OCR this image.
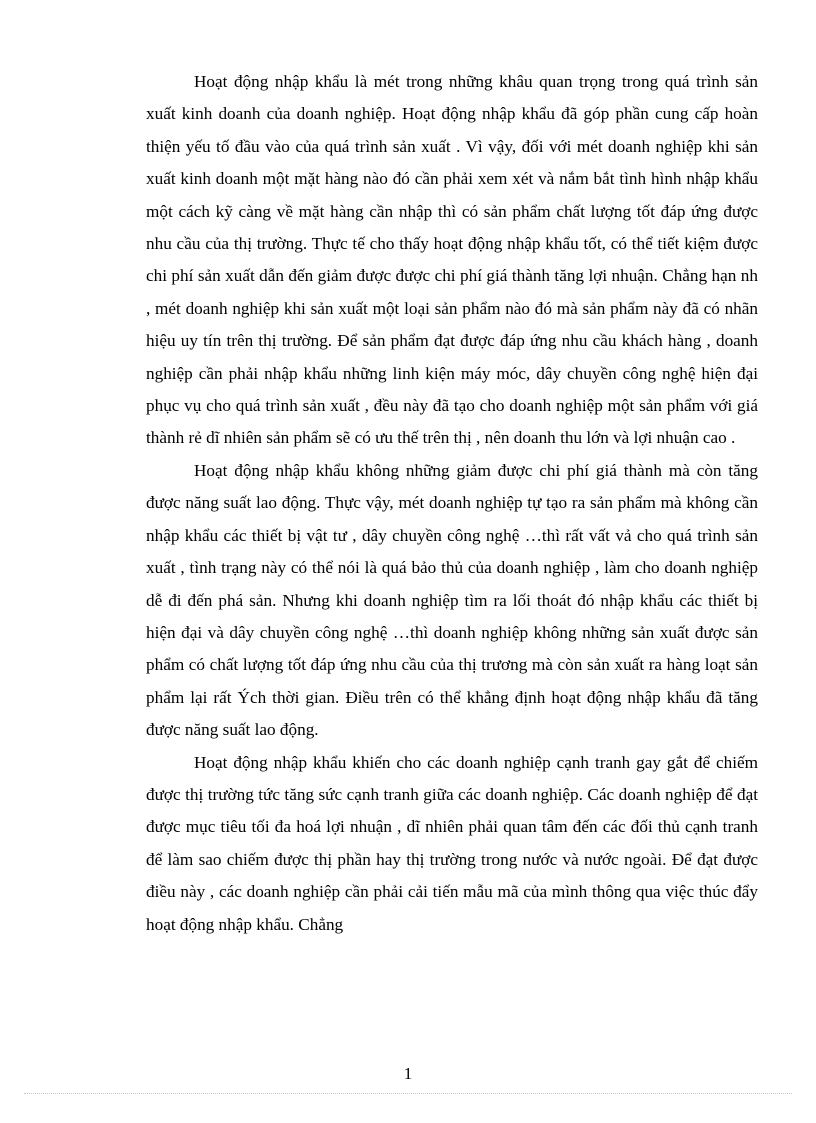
Hoạt động nhập khẩu là mét trong những khâu quan trọng trong quá trình sản xuất kinh doanh của doanh nghiệp. Hoạt động nhập khẩu đã góp phần cung cấp hoàn thiện yếu tố đầu vào của quá trình sản xuất . Vì vậy, đối với mét doanh nghiệp khi sản xuất kinh doanh một mặt hàng nào đó cần phải xem xét và nắm bắt tình hình nhập khẩu một cách kỹ càng về mặt hàng cần nhập thì có sản phẩm chất lượng tốt đáp ứng được nhu cầu của thị trường. Thực tế cho thấy hoạt động nhập khẩu tốt, có thể tiết kiệm được chi phí sản xuất dẫn đến giảm được được chi phí giá thành tăng lợi nhuận. Chẳng hạn nh , mét doanh nghiệp khi sản xuất một loại sản phẩm nào đó mà sản phẩm này đã có nhãn hiệu uy tín trên thị trường. Để sản phẩm đạt được đáp ứng nhu cầu khách hàng , doanh nghiệp cần phải nhập khẩu những linh kiện máy móc, dây chuyền công nghệ hiện đại phục vụ cho quá trình sản xuất , đều này đã tạo cho doanh nghiệp một sản phẩm với giá thành rẻ dĩ nhiên sản phẩm sẽ có ưu thế trên thị , nên doanh thu lớn và lợi nhuận cao .

Hoạt động nhập khẩu không những giảm được chi phí giá thành mà còn tăng được năng suất lao động. Thực vậy, mét doanh nghiệp tự tạo ra sản phẩm mà không cần nhập khẩu các thiết bị vật tư , dây chuyền công nghệ …thì rất vất vả cho quá trình sản xuất , tình trạng này có thể nói là quá bảo thủ của doanh nghiệp , làm cho doanh nghiệp dễ đi đến phá sản. Nhưng khi doanh nghiệp tìm ra lối thoát đó nhập khẩu các thiết bị hiện đại và dây chuyền công nghệ …thì doanh nghiệp không những sản xuất được sản phẩm có chất lượng tốt đáp ứng nhu cầu của thị trương mà còn sản xuất ra hàng loạt sản phẩm lại rất Ých thời gian. Điều trên có thể khẳng định hoạt động nhập khẩu đã tăng được năng suất lao động.

Hoạt động nhập khẩu khiến cho các doanh nghiệp cạnh tranh gay gắt để chiếm được thị trường tức tăng sức cạnh tranh giữa các doanh nghiệp. Các doanh nghiệp để đạt được mục tiêu tối đa hoá lợi nhuận , dĩ nhiên phải quan tâm đến các đối thủ cạnh tranh để làm sao chiếm được thị phần hay thị trường trong nước và nước ngoài. Để đạt được điều này , các doanh nghiệp cần phải cải tiến mẫu mã của mình thông qua việc thúc đẩy hoạt động nhập khẩu. Chẳng

1
